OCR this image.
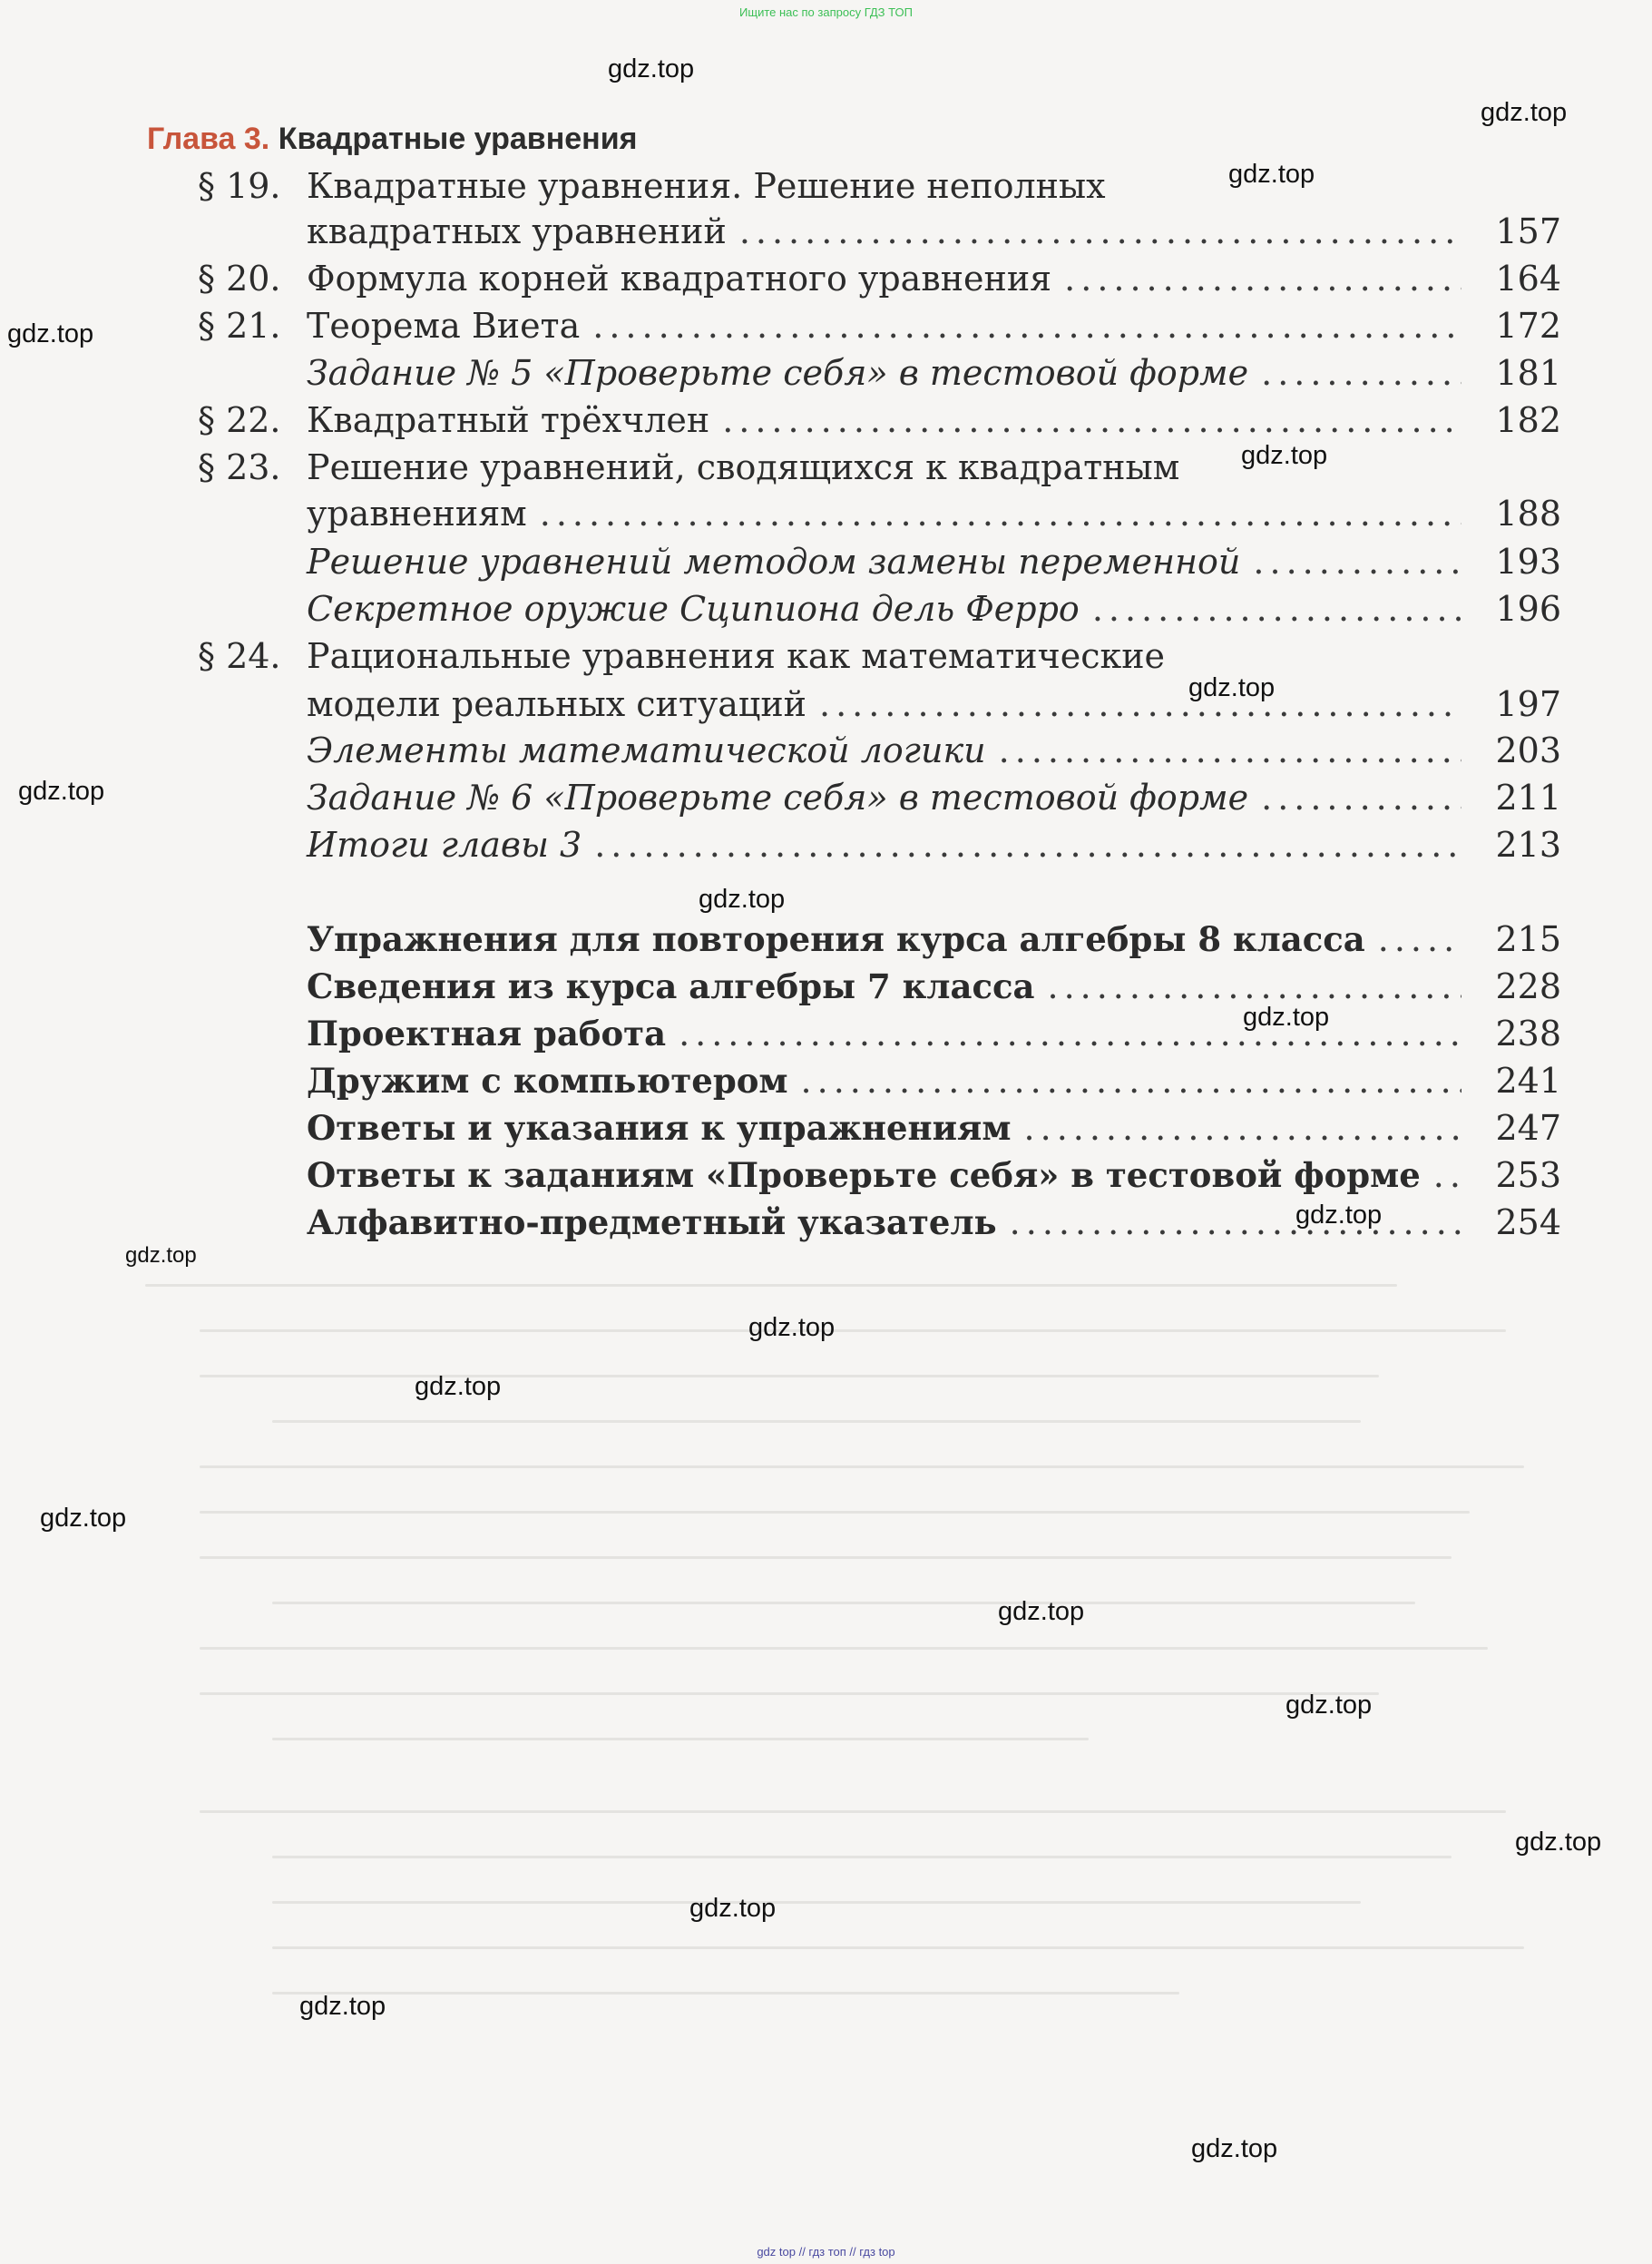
Ищите нас по запросу ГДЗ ТОП
Глава 3. Квадратные уравнения
§ 19. Квадратные уравнения. Решение неполных
квадратных уравнений .....	157
§ 20. Формула корней квадратного уравнения .....	164
§ 21. Теорема Виета .....	172
Задание № 5 «Проверьте себя» в тестовой форме .....	181
§ 22. Квадратный трёхчлен .....	182
§ 23. Решение уравнений, сводящихся к квадратным
уравнениям .....	188
Решение уравнений методом замены переменной .....	193
Секретное оружие Сципиона дель Ферро .....	196
§ 24. Рациональные уравнения как математические
модели реальных ситуаций .....	197
Элементы математической логики .....	203
Задание № 6 «Проверьте себя» в тестовой форме .....	211
Итоги главы 3 .....	213
Упражнения для повторения курса алгебры 8 класса .....	215
Сведения из курса алгебры 7 класса .....	228
Проектная работа .....	238
Дружим с компьютером .....	241
Ответы и указания к упражнениям .....	247
Ответы к заданиям «Проверьте себя» в тестовой форме .....	253
Алфавитно-предметный указатель .....	254
gdz.top
gdz.top
gdz.top
gdz.top
gdz.top
gdz.top
gdz.top
gdz.top
gdz.top
gdz.top
gdz.top
gdz.top
gdz.top
gdz.top
gdz.top
gdz.top
gdz.top
gdz.top
gdz.top
gdz.top
gdz top // гдз топ // гдз top
